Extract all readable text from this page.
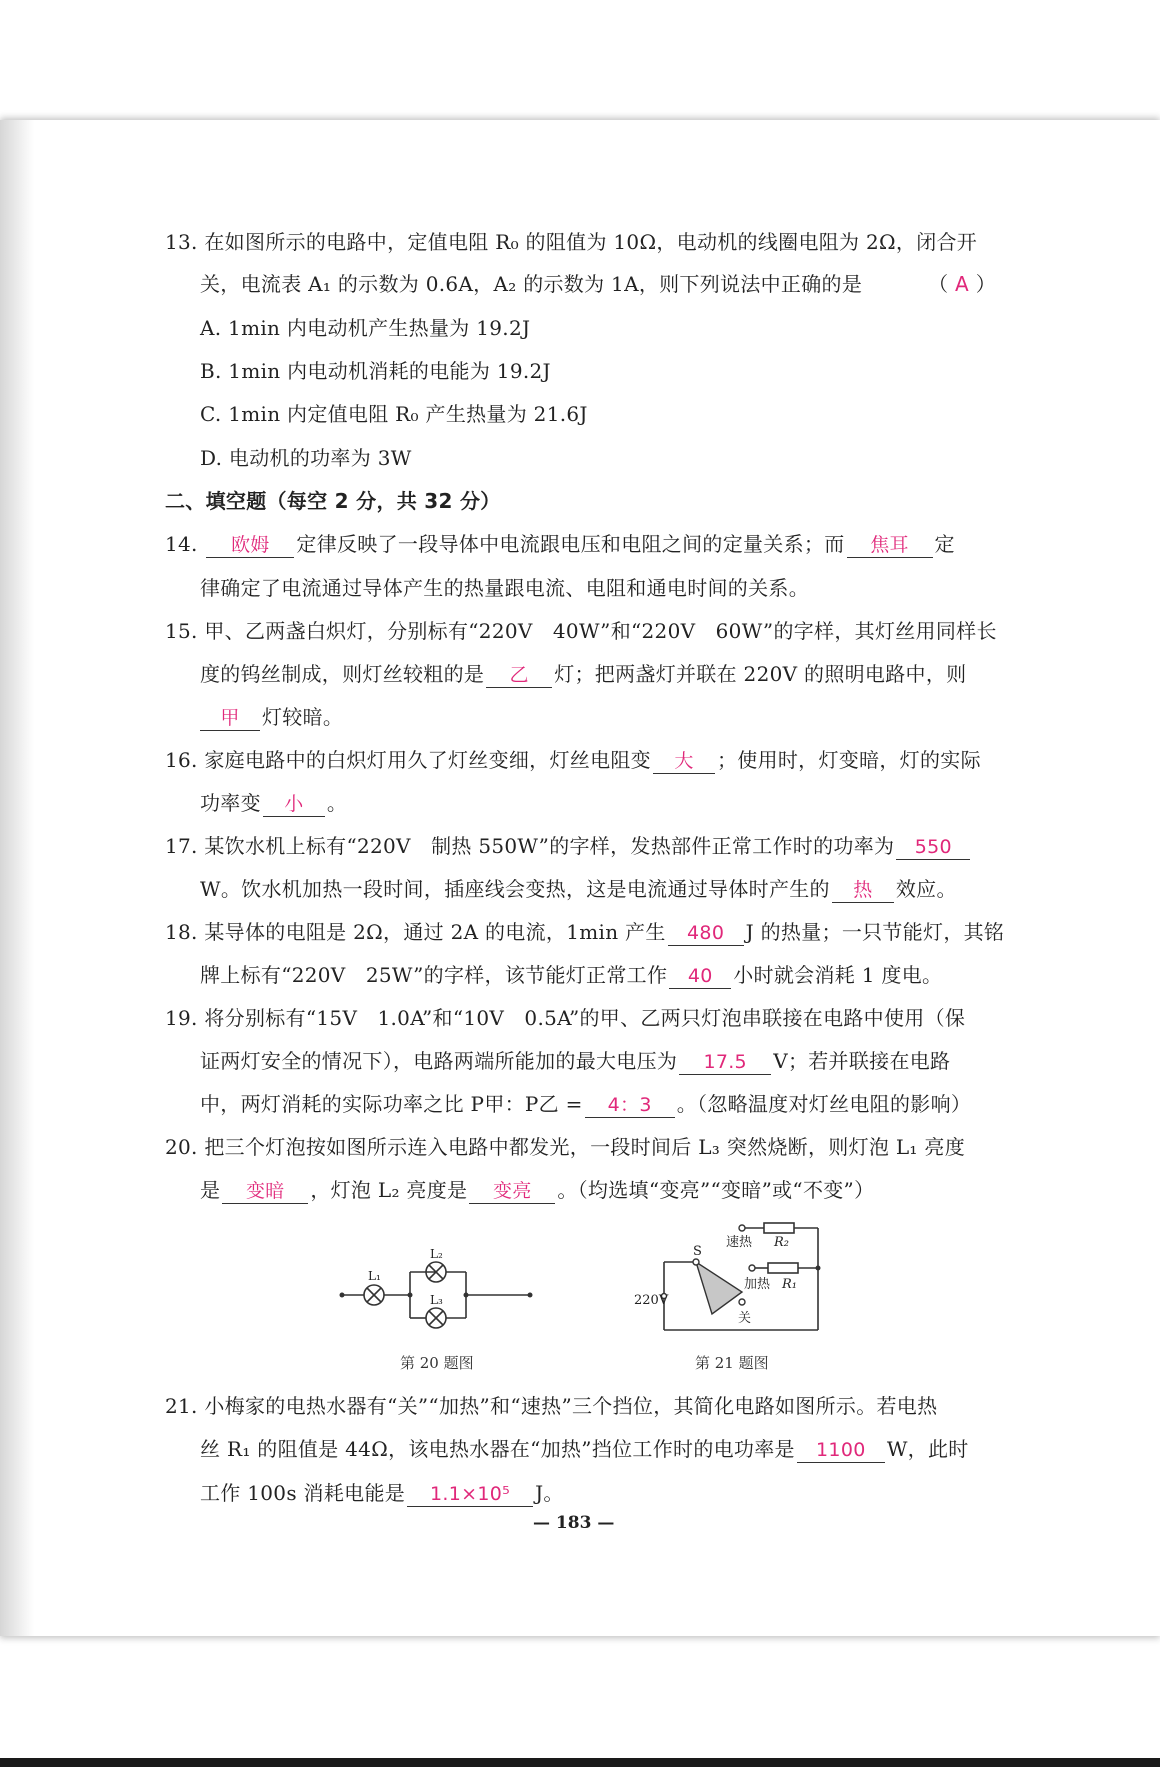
13. 在如图所示的电路中，定值电阻 R₀ 的阻值为 10Ω，电动机的线圈电阻为 2Ω，闭合开
关，电流表 A₁ 的示数为 0.6A，A₂ 的示数为 1A，则下列说法中正确的是	（ A ）
A. 1min 内电动机产生热量为 19.2J
B. 1min 内电动机消耗的电能为 19.2J
C. 1min 内定值电阻 R₀ 产生热量为 21.6J
D. 电动机的功率为 3W
二、填空题（每空 2 分，共 32 分）
14. 欧姆 定律反映了一段导体中电流跟电压和电阻之间的定量关系；而 焦耳 定
律确定了电流通过导体产生的热量跟电流、电阻和通电时间的关系。
15. 甲、乙两盏白炽灯，分别标有“220V　40W”和“220V　60W”的字样，其灯丝用同样长
度的钨丝制成，则灯丝较粗的是 乙 灯；把两盏灯并联在 220V 的照明电路中，则
甲 灯较暗。
16. 家庭电路中的白炽灯用久了灯丝变细，灯丝电阻变 大 ；使用时，灯变暗，灯的实际
功率变 小 。
17. 某饮水机上标有“220V　制热 550W”的字样，发热部件正常工作时的功率为 550
W。饮水机加热一段时间，插座线会变热，这是电流通过导体时产生的 热 效应。
18. 某导体的电阻是 2Ω，通过 2A 的电流，1min 产生 480 J 的热量；一只节能灯，其铭
牌上标有“220V　25W”的字样，该节能灯正常工作 40 小时就会消耗 1 度电。
19. 将分别标有“15V　1.0A”和“10V　0.5A”的甲、乙两只灯泡串联接在电路中使用（保
证两灯安全的情况下），电路两端所能加的最大电压为 17.5 V；若并联接在电路
中，两灯消耗的实际功率之比 P甲：P乙 = 4：3 。（忽略温度对灯丝电阻的影响）
20. 把三个灯泡按如图所示连入电路中都发光，一段时间后 L₃ 突然烧断，则灯泡 L₁ 亮度
是 变暗 ，灯泡 L₂ 亮度是 变亮 。（均选填“变亮”“变暗”或“不变”）
L₁
L₂
L₃
第 20 题图
220V
S
速热 R₂
加热 R₁
关
第 21 题图
21. 小梅家的电热水器有“关”“加热”和“速热”三个挡位，其简化电路如图所示。若电热
丝 R₁ 的阻值是 44Ω，该电热水器在“加热”挡位工作时的电功率是 1100 W，此时
工作 100s 消耗电能是 1.1×10⁵ J。
— 183 —
